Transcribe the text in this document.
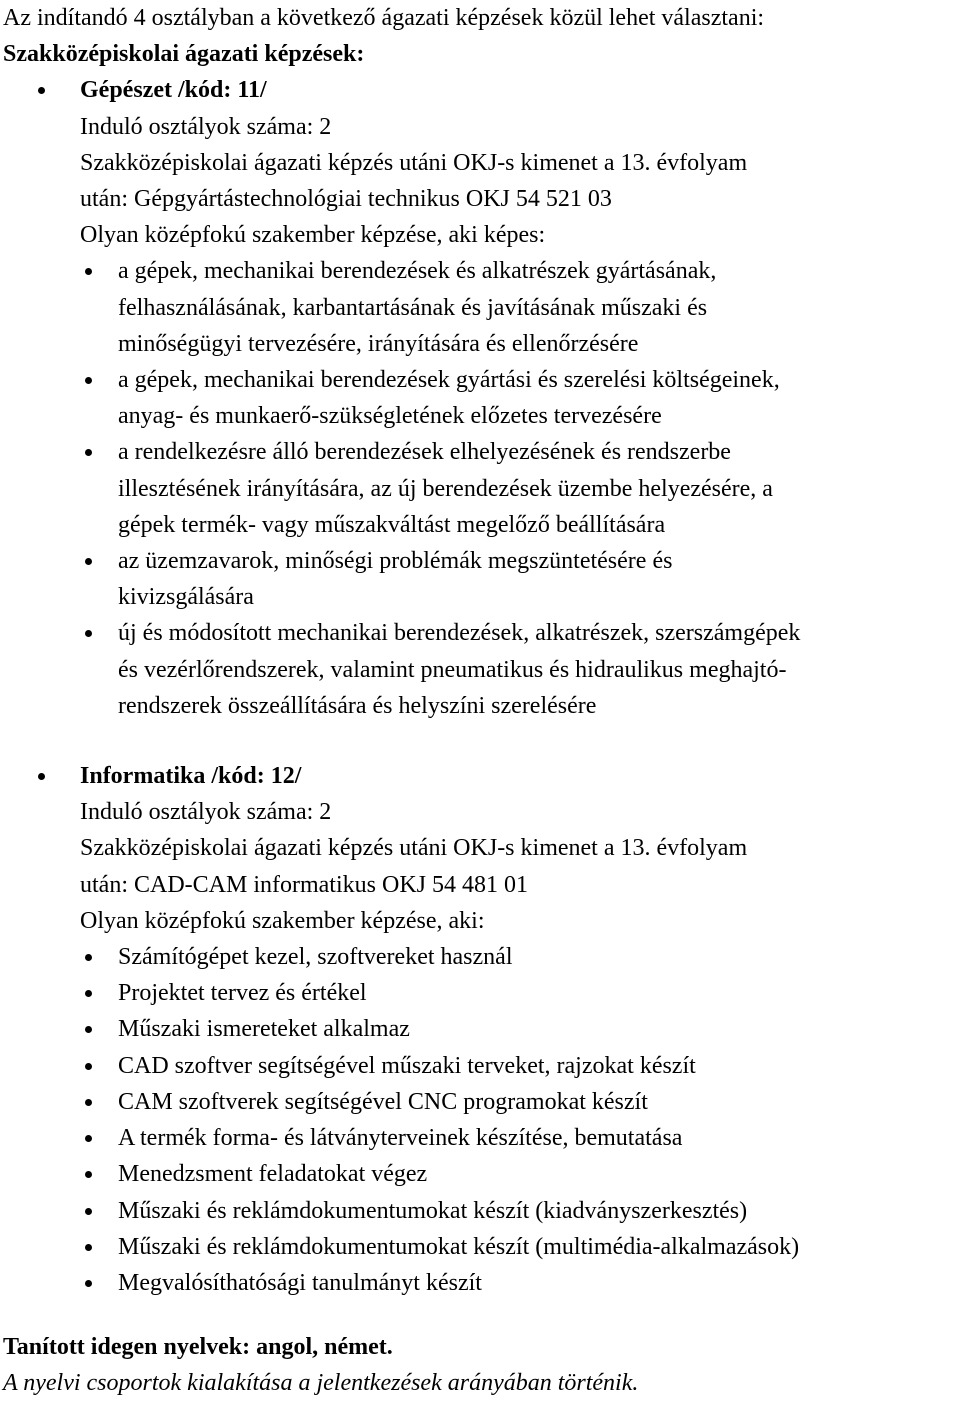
Az indítandó 4 osztályban a következő ágazati képzések közül lehet választani:
Szakközépiskolai ágazati képzések:
Gépészet /kód: 11/
Induló osztályok száma: 2
Szakközépiskolai ágazati képzés utáni OKJ-s kimenet a 13. évfolyam
után: Gépgyártástechnológiai technikus OKJ 54 521 03
Olyan középfokú szakember képzése, aki képes:
a gépek, mechanikai berendezések és alkatrészek gyártásának,
felhasználásának, karbantartásának és javításának műszaki és
minőségügyi tervezésére, irányítására és ellenőrzésére
a gépek, mechanikai berendezések gyártási és szerelési költségeinek,
anyag- és munkaerő-szükségletének előzetes tervezésére
a rendelkezésre álló berendezések elhelyezésének és rendszerbe
illesztésének irányítására, az új berendezések üzembe helyezésére, a
gépek termék- vagy műszakváltást megelőző beállítására
az üzemzavarok, minőségi problémák megszüntetésére és
kivizsgálására
új és módosított mechanikai berendezések, alkatrészek, szerszámgépek
és vezérlőrendszerek, valamint pneumatikus és hidraulikus meghajtó-
rendszerek összeállítására és helyszíni szerelésére
Informatika /kód: 12/
Induló osztályok száma: 2
Szakközépiskolai ágazati képzés utáni OKJ-s kimenet a 13. évfolyam
után: CAD-CAM informatikus OKJ 54 481 01
Olyan középfokú szakember képzése, aki:
Számítógépet kezel, szoftvereket használ
Projektet tervez és értékel
Műszaki ismereteket alkalmaz
CAD szoftver segítségével műszaki terveket, rajzokat készít
CAM szoftverek segítségével CNC programokat készít
A termék forma- és látványterveinek készítése, bemutatása
Menedzsment feladatokat végez
Műszaki és reklámdokumentumokat készít (kiadványszerkesztés)
Műszaki és reklámdokumentumokat készít (multimédia-alkalmazások)
Megvalósíthatósági tanulmányt készít
Tanított idegen nyelvek: angol, német.
A nyelvi csoportok kialakítása a jelentkezések arányában történik.
